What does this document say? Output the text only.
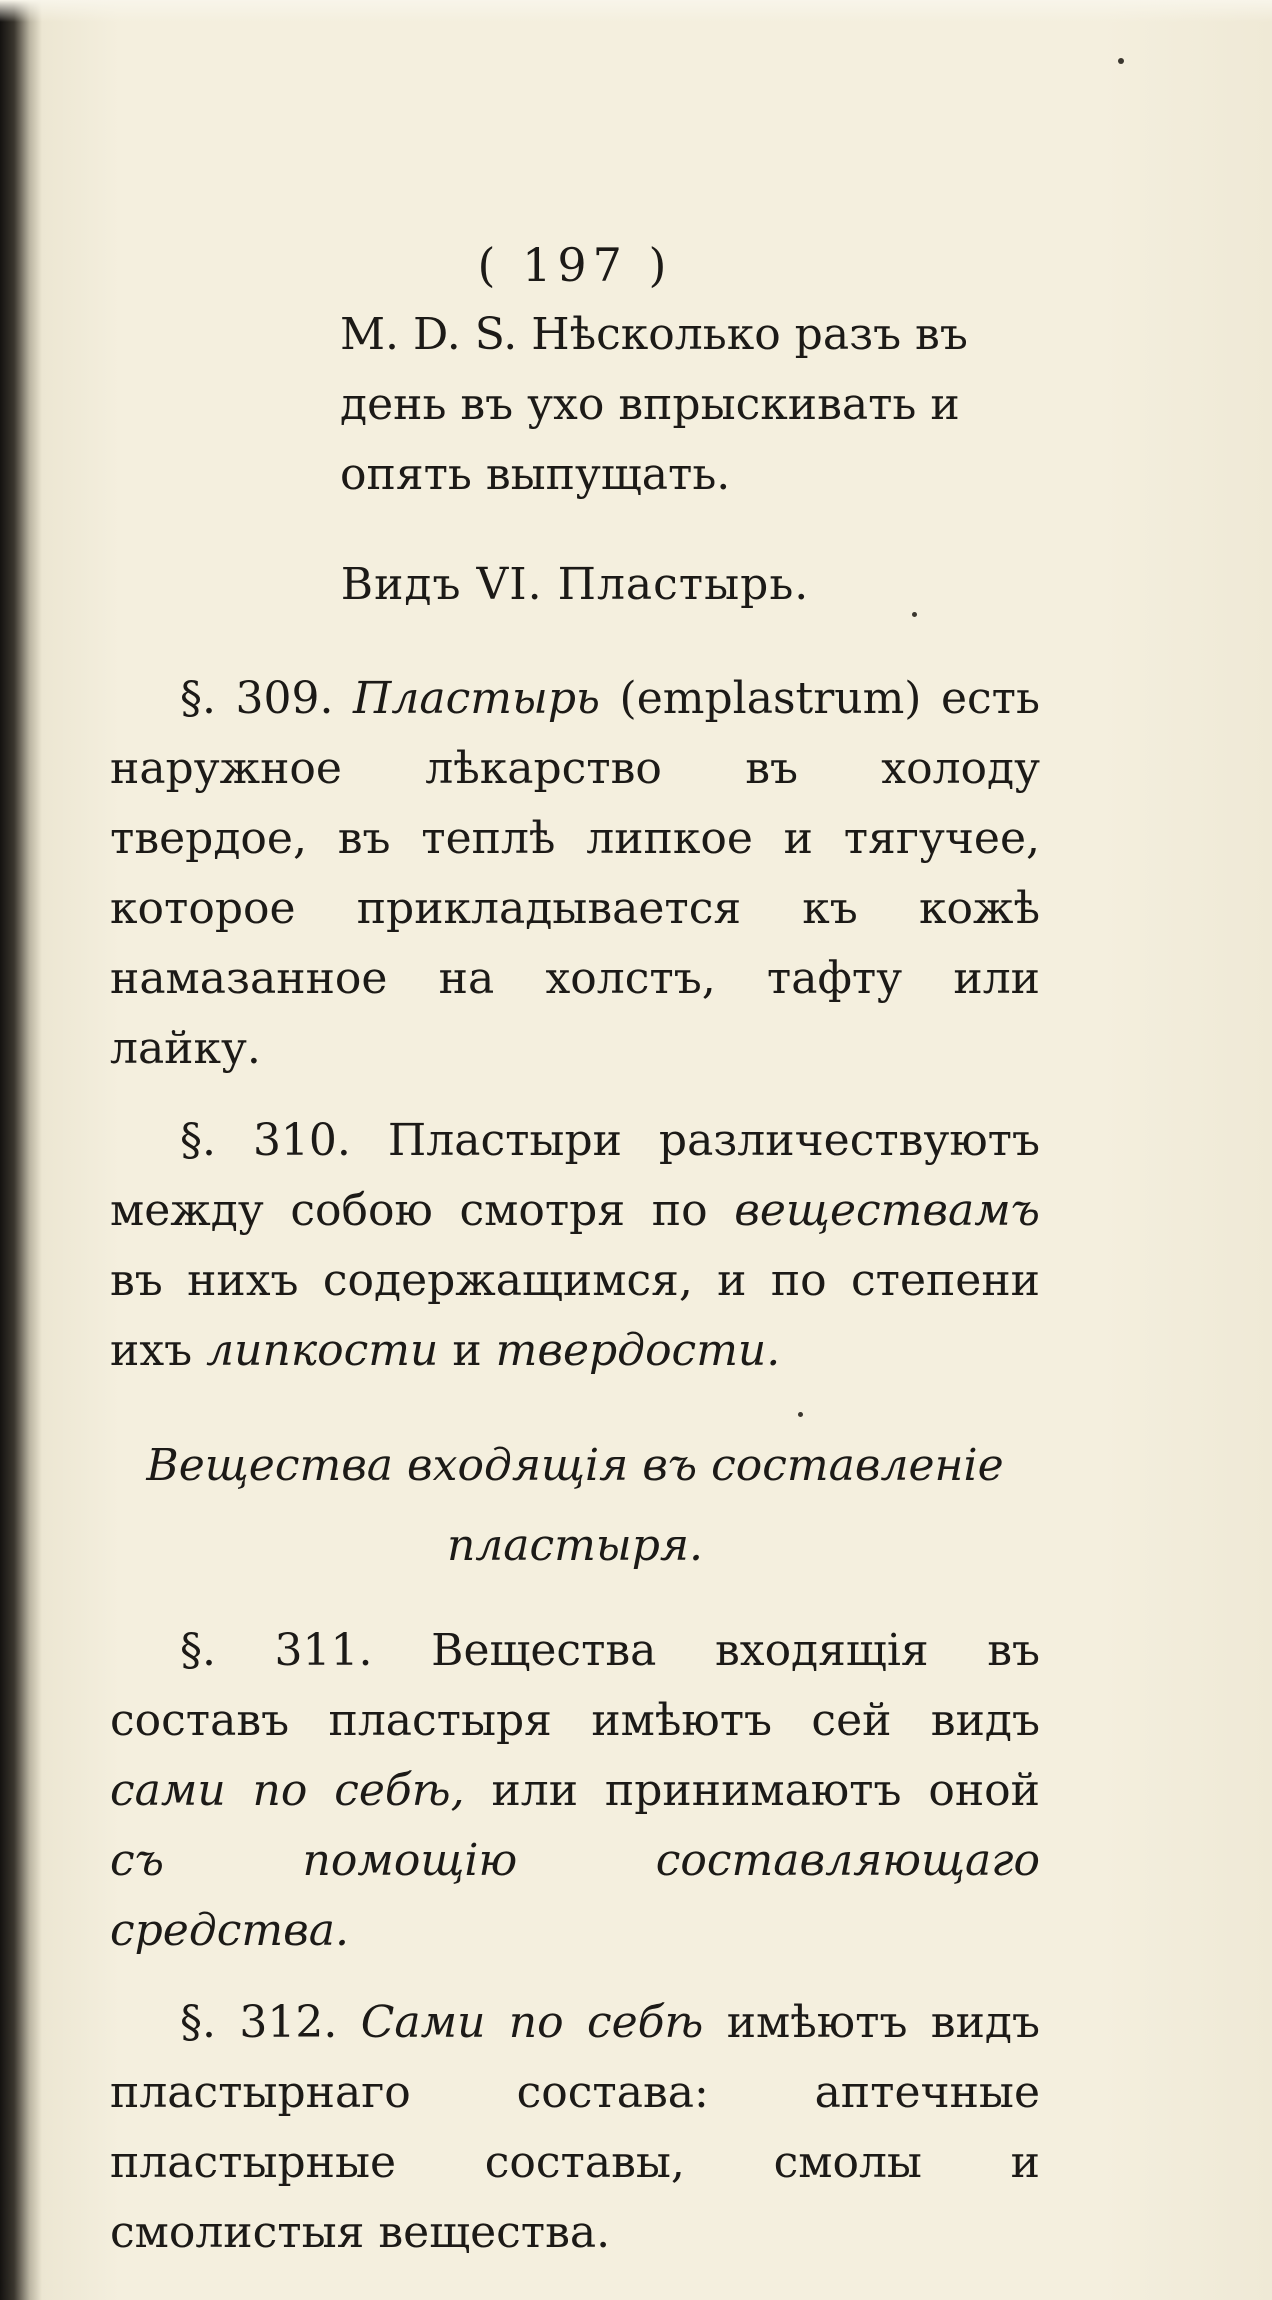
( 197 )

M. D. S. Нѣсколько разъ въ

день въ ухо впрыскивать и

опять выпущать.

Видъ VI. Пластырь.

§. 309. Пластырь (emplastrum) есть наружное лѣкарство въ холоду твердое, въ теплѣ липкое и тягучее, которое прикладывается къ кожѣ намазанное на холстъ, тафту или лайку.

§. 310. Пластыри различествуютъ между собою смотря по веществамъ въ нихъ содержащимся, и по степени ихъ липкости и твердости.

Вещества входящія въ составленіе
пластыря.

§. 311. Вещества входящія въ составъ пластыря имѣютъ сей видъ сами по себѣ, или принимаютъ оной съ помощію составляющаго средства.

§. 312. Сами по себѣ имѣютъ видъ пластырнаго состава: аптечные пластырные составы, смолы и смолистыя вещества.
